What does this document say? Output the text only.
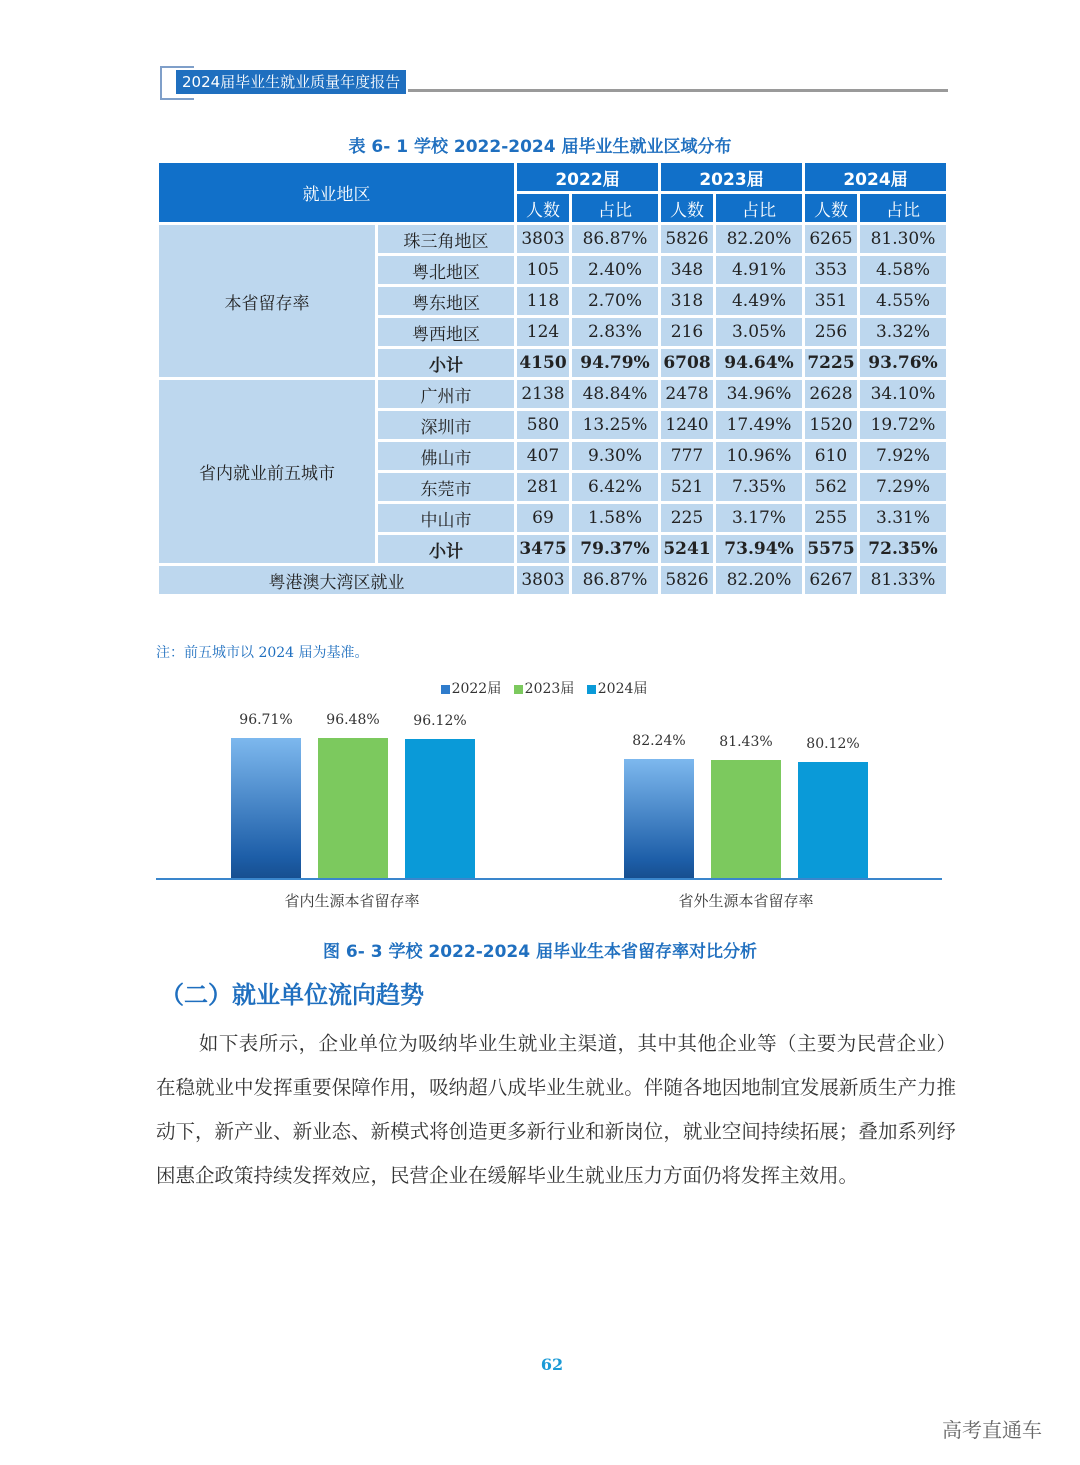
2024届毕业生就业质量年度报告
表 6- 1 学校 2022-2024 届毕业生就业区域分布
就业地区		2022届		2023届		2024届	
		人数	占比	人数	占比	人数	占比
本省留存率	珠三角地区	3803	86.87%	5826	82.20%	6265	81.30%
	粤北地区	105	2.40%	348	4.91%	353	4.58%
	粤东地区	118	2.70%	318	4.49%	351	4.55%
	粤西地区	124	2.83%	216	3.05%	256	3.32%
	小计	4150	94.79%	6708	94.64%	7225	93.76%
省内就业前五城市	广州市	2138	48.84%	2478	34.96%	2628	34.10%
	深圳市	580	13.25%	1240	17.49%	1520	19.72%
	佛山市	407	9.30%	777	10.96%	610	7.92%
	东莞市	281	6.42%	521	7.35%	562	7.29%
	中山市	69	1.58%	225	3.17%	255	3.31%
	小计	3475	79.37%	5241	73.94%	5575	72.35%
粤港澳大湾区就业		3803	86.87%	5826	82.20%	6267	81.33%
注：前五城市以 2024 届为基准。
2022届 2023届 2024届
96.71%
82.24%
96.48%
81.43%
96.12%
80.12%
省内生源本省留存率	省外生源本省留存率
图 6- 3 学校 2022-2024 届毕业生本省留存率对比分析
（二）就业单位流向趋势
如下表所示，企业单位为吸纳毕业生就业主渠道，其中其他企业等（主要为民营企业）在稳就业中发挥重要保障作用，吸纳超八成毕业生就业。伴随各地因地制宜发展新质生产力推动下，新产业、新业态、新模式将创造更多新行业和新岗位，就业空间持续拓展；叠加系列纾困惠企政策持续发挥效应，民营企业在缓解毕业生就业压力方面仍将发挥主效用。
62
高考直通车
